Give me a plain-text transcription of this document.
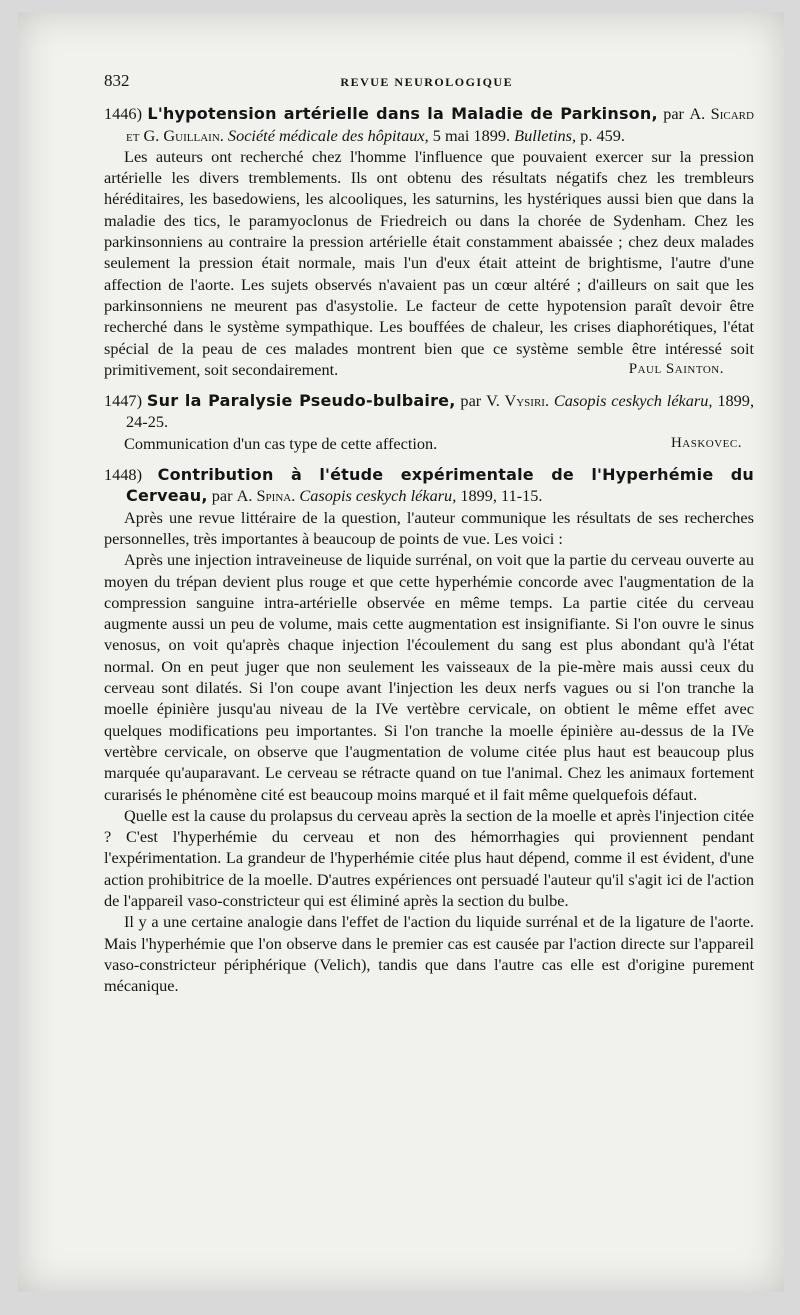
832	REVUE NEUROLOGIQUE

1446) L'hypotension artérielle dans la Maladie de Parkinson, par A. Sicard et G. Guillain. Société médicale des hôpitaux, 5 mai 1899. Bulletins, p. 459.

Les auteurs ont recherché chez l'homme l'influence que pouvaient exercer sur la pression artérielle les divers tremblements. Ils ont obtenu des résultats négatifs chez les trembleurs héréditaires, les basedowiens, les alcooliques, les saturnins, les hystériques aussi bien que dans la maladie des tics, le paramyoclonus de Friedreich ou dans la chorée de Sydenham. Chez les parkinsonniens au contraire la pression artérielle était constamment abaissée ; chez deux malades seulement la pression était normale, mais l'un d'eux était atteint de brightisme, l'autre d'une affection de l'aorte. Les sujets observés n'avaient pas un cœur altéré ; d'ailleurs on sait que les parkinsonniens ne meurent pas d'asystolie. Le facteur de cette hypotension paraît devoir être recherché dans le système sympathique. Les bouffées de chaleur, les crises diaphorétiques, l'état spécial de la peau de ces malades montrent bien que ce système semble être intéressé soit primitivement, soit secondairement.	Paul Sainton.

1447) Sur la Paralysie Pseudo-bulbaire, par V. Vysiri. Casopis ceskych lékaru, 1899, 24-25.

Communication d'un cas type de cette affection.	Haskovec.

1448) Contribution à l'étude expérimentale de l'Hyperhémie du Cerveau, par A. Spina. Casopis ceskych lékaru, 1899, 11-15.

Après une revue littéraire de la question, l'auteur communique les résultats de ses recherches personnelles, très importantes à beaucoup de points de vue. Les voici :

Après une injection intraveineuse de liquide surrénal, on voit que la partie du cerveau ouverte au moyen du trépan devient plus rouge et que cette hyperhémie concorde avec l'augmentation de la compression sanguine intra-artérielle observée en même temps. La partie citée du cerveau augmente aussi un peu de volume, mais cette augmentation est insignifiante. Si l'on ouvre le sinus venosus, on voit qu'après chaque injection l'écoulement du sang est plus abondant qu'à l'état normal. On en peut juger que non seulement les vaisseaux de la pie-mère mais aussi ceux du cerveau sont dilatés. Si l'on coupe avant l'injection les deux nerfs vagues ou si l'on tranche la moelle épinière jusqu'au niveau de la IVe vertèbre cervicale, on obtient le même effet avec quelques modifications peu importantes. Si l'on tranche la moelle épinière au-dessus de la IVe vertèbre cervicale, on observe que l'augmentation de volume citée plus haut est beaucoup plus marquée qu'auparavant. Le cerveau se rétracte quand on tue l'animal. Chez les animaux fortement curarisés le phénomène cité est beaucoup moins marqué et il fait même quelquefois défaut.

Quelle est la cause du prolapsus du cerveau après la section de la moelle et après l'injection citée ? C'est l'hyperhémie du cerveau et non des hémorrhagies qui proviennent pendant l'expérimentation. La grandeur de l'hyperhémie citée plus haut dépend, comme il est évident, d'une action prohibitrice de la moelle. D'autres expériences ont persuadé l'auteur qu'il s'agit ici de l'action de l'appareil vaso-constricteur qui est éliminé après la section du bulbe.

Il y a une certaine analogie dans l'effet de l'action du liquide surrénal et de la ligature de l'aorte. Mais l'hyperhémie que l'on observe dans le premier cas est causée par l'action directe sur l'appareil vaso-constricteur périphérique (Velich), tandis que dans l'autre cas elle est d'origine purement mécanique.
